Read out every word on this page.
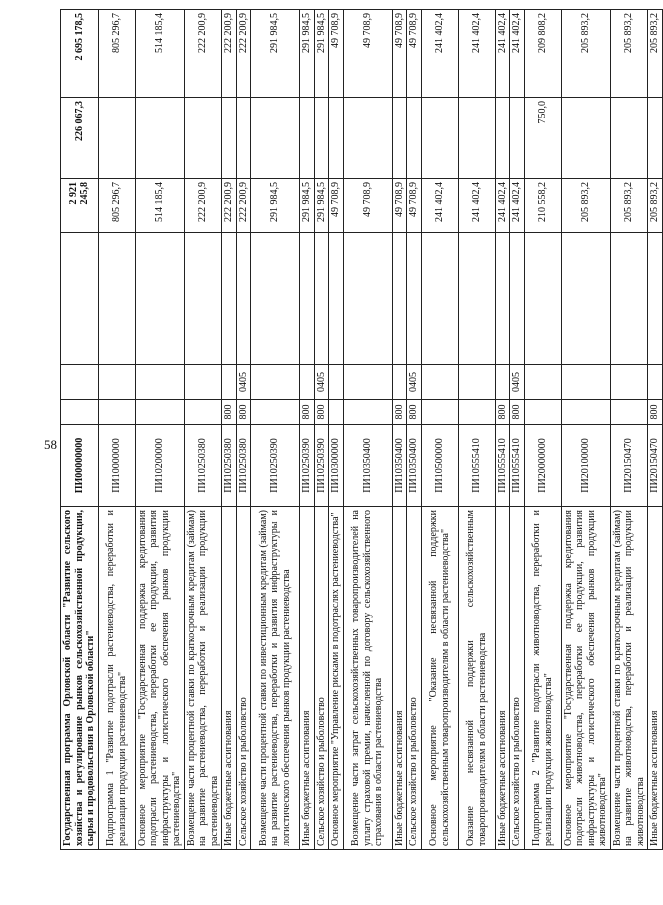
58
Государственная программа Орловской области "Развитие сельского хозяйства и регулирование рынков сельскохозяйственной продукции, сырья и продовольствия в Орловской области"	ПИ00000000				2 921 245,8	226 067,3	2 695 178,5
Подпрограмма 1 "Развитие подотрасли растениеводства, переработки и реализации продукции растениеводства"	ПИ10000000				805 296,7		805 296,7
Основное мероприятие "Государственная поддержка кредитования подотрасли растениеводства, переработки ее продукции, развития инфраструктуры и логистического обеспечения рынков продукции растениеводства"	ПИ10200000				514 185,4		514 185,4
Возмещение части процентной ставки по краткосрочным кредитам (займам) на развитие растениеводства, переработки и реализации продукции растениеводства	ПИ10250380				222 200,9		222 200,9
Иные бюджетные ассигнования	ПИ10250380	800			222 200,9		222 200,9
Сельское хозяйство и рыболовство	ПИ10250380	800	0405		222 200,9		222 200,9
Возмещение части процентной ставки по инвестиционным кредитам (займам) на развитие растениеводства, переработки и развития инфраструктуры и логистического обеспечения рынков продукции растениеводства	ПИ10250390				291 984,5		291 984,5
Иные бюджетные ассигнования	ПИ10250390	800			291 984,5		291 984,5
Сельское хозяйство и рыболовство	ПИ10250390	800	0405		291 984,5		291 984,5
Основное мероприятие "Управление рисками в подотраслях растениеводства"	ПИ10300000				49 708,9		49 708,9
Возмещение части затрат сельскохозяйственных товаропроизводителей на уплату страховой премии, начисленной по договору сельскохозяйственного страхования в области растениеводства	ПИ10350400				49 708,9		49 708,9
Иные бюджетные ассигнования	ПИ10350400	800			49 708,9		49 708,9
Сельское хозяйство и рыболовство	ПИ10350400	800	0405		49 708,9		49 708,9
Основное мероприятие "Оказание несвязанной поддержки сельскохозяйственным товаропроизводителям в области растениеводства"	ПИ10500000				241 402,4		241 402,4
Оказание несвязанной поддержки сельскохозяйственным товаропроизводителям в области растениеводства	ПИ10555410				241 402,4		241 402,4
Иные бюджетные ассигнования	ПИ10555410	800			241 402,4		241 402,4
Сельское хозяйство и рыболовство	ПИ10555410	800	0405		241 402,4		241 402,4
Подпрограмма 2 "Развитие подотрасли животноводства, переработки и реализации продукции животноводства"	ПИ20000000				210 558,2	750,0	209 808,2
Основное мероприятие "Государственная поддержка кредитования подотрасли животноводства, переработки ее продукции, развития инфраструктуры и логистического обеспечения рынков продукции животноводства"	ПИ20100000				205 893,2		205 893,2
Возмещение части процентной ставки по краткосрочным кредитам (займам) на развитие животноводства, переработки и реализации продукции животноводства	ПИ20150470				205 893,2		205 893,2
Иные бюджетные ассигнования	ПИ20150470	800			205 893,2		205 893,2
